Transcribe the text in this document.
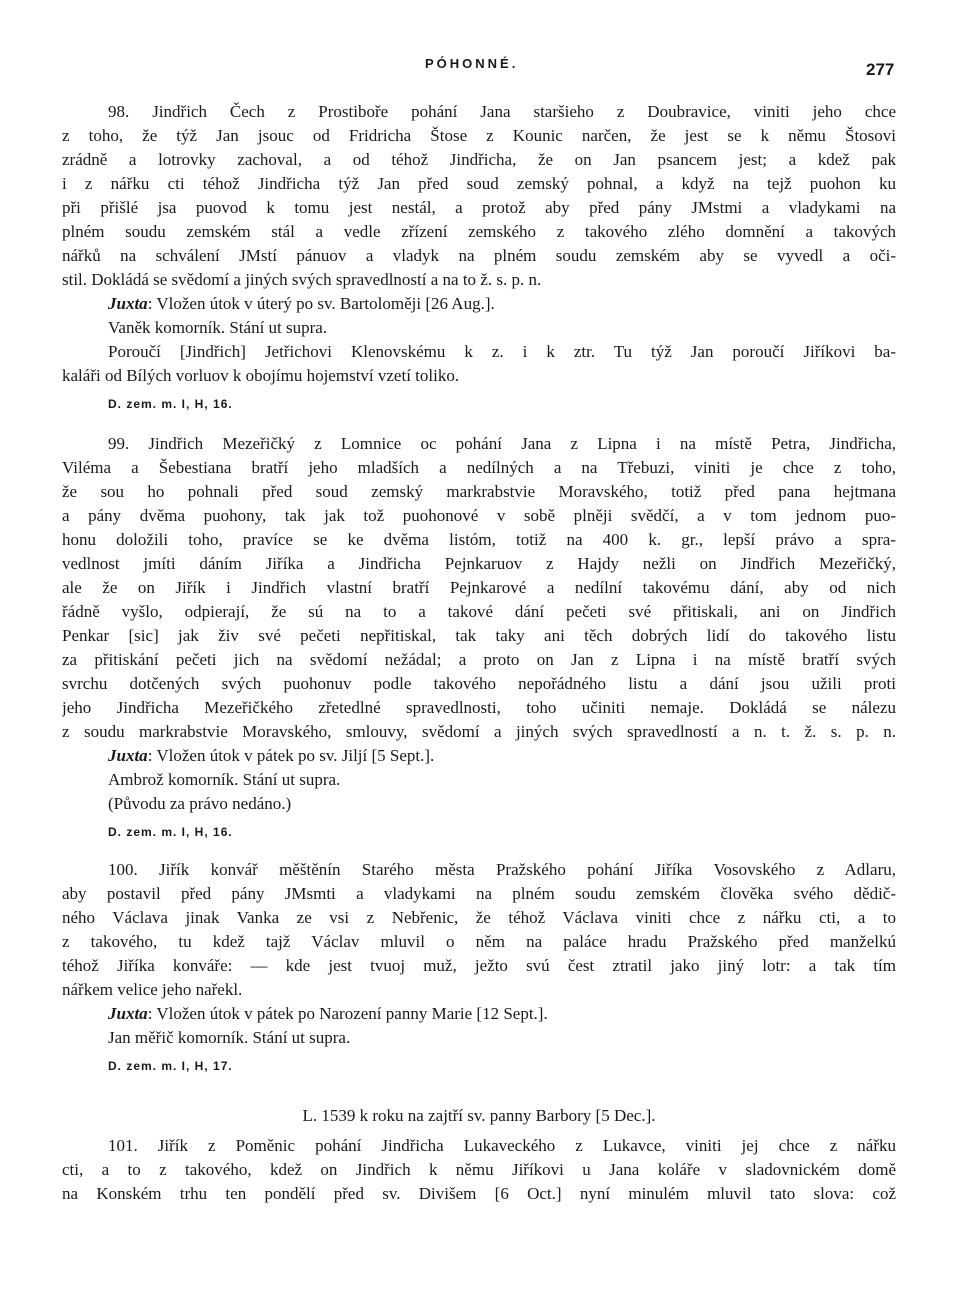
PÓHONNÉ.	277
98. Jindřich Čech z Prostiboře pohání Jana staršieho z Doubravice, viniti jeho chce
z toho, že týž Jan jsouc od Fridricha Štose z Kounic narčen, že jest se k němu Štosovi
zrádně a lotrovky zachoval, a od téhož Jindřicha, že on Jan psancem jest; a kdež pak
i z nářku cti téhož Jindřicha týž Jan před soud zemský pohnal, a když na tejž puohon ku
při přišlé jsa puovod k tomu jest nestál, a protož aby před pány JMstmi a vladykami na
plném soudu zemském stál a vedle zřízení zemského z takového zlého domnění a takových
nářků na schválení JMstí pánuov a vladyk na plném soudu zemském aby se vyvedl a oči-
stil. Dokládá se svědomí a jiných svých spravedlností a na to ž. s. p. n.
Juxta: Vložen útok v úterý po sv. Bartoloměji [26 Aug.].
Vaněk komorník. Stání ut supra.
Poroučí [Jindřich] Jetřichovi Klenovskému k z. i k ztr. Tu týž Jan poroučí Jiříkovi ba-
kaláři od Bílých vorluov k obojímu hojemství vzetí toliko.
D. zem. m. I, H, 16.
99. Jindřich Mezeřičký z Lomnice oc pohání Jana z Lipna i na místě Petra, Jindřicha,
Viléma a Šebestiana bratří jeho mladších a nedílných a na Třebuzi, viniti je chce z toho,
že sou ho pohnali před soud zemský markrabstvie Moravského, totiž před pana hejtmana
a pány dvěma puohony, tak jak tož puohonové v sobě plněji svědčí, a v tom jednom puo-
honu doložili toho, pravíce se ke dvěma listóm, totiž na 400 k. gr., lepší právo a spra-
vedlnost jmíti dáním Jiříka a Jindřicha Pejnkaruov z Hajdy nežli on Jindřich Mezeřičký,
ale že on Jiřík i Jindřich vlastní bratří Pejnkarové a nedílní takovému dání, aby od nich
řádně vyšlo, odpierají, že sú na to a takové dání pečeti své přitiskali, ani on Jindřich
Penkar [sic] jak živ své pečeti nepřitiskal, tak taky ani těch dobrých lidí do takového listu
za přitiskání pečeti jich na svědomí nežádal; a proto on Jan z Lipna i na místě bratří svých
svrchu dotčených svých puohonuv podle takového nepořádného listu a dání jsou užili proti
jeho Jindřicha Mezeřičkého zřetedlné spravedlnosti, toho učiniti nemaje. Dokládá se nálezu
z soudu markrabstvie Moravského, smlouvy, svědomí a jiných svých spravedlností a n. t. ž. s. p. n.
Juxta: Vložen útok v pátek po sv. Jiljí [5 Sept.].
Ambrož komorník. Stání ut supra.
(Původu za právo nedáno.)
D. zem. m. I, H, 16.
100. Jiřík konvář měštěnín Starého města Pražského pohání Jiříka Vosovského z Adlaru,
aby postavil před pány JMsmti a vladykami na plném soudu zemském člověka svého dědič-
ného Václava jinak Vanka ze vsi z Nebřenic, že téhož Václava viniti chce z nářku cti, a to
z takového, tu kdež tajž Václav mluvil o něm na paláce hradu Pražského před manželkú
téhož Jiříka konváře: — kde jest tvuoj muž, ježto svú čest ztratil jako jiný lotr: a tak tím
nářkem velice jeho nařekl.
Juxta: Vložen útok v pátek po Narození panny Marie [12 Sept.].
Jan měřič komorník. Stání ut supra.
D. zem. m. I, H, 17.
L. 1539 k roku na zajtří sv. panny Barbory [5 Dec.].
101. Jiřík z Poměnic pohání Jindřicha Lukaveckého z Lukavce, viniti jej chce z nářku
cti, a to z takového, kdež on Jindřich k němu Jiříkovi u Jana koláře v sladovnickém domě
na Konském trhu ten pondělí před sv. Divišem [6 Oct.] nyní minulém mluvil tato slova: což
